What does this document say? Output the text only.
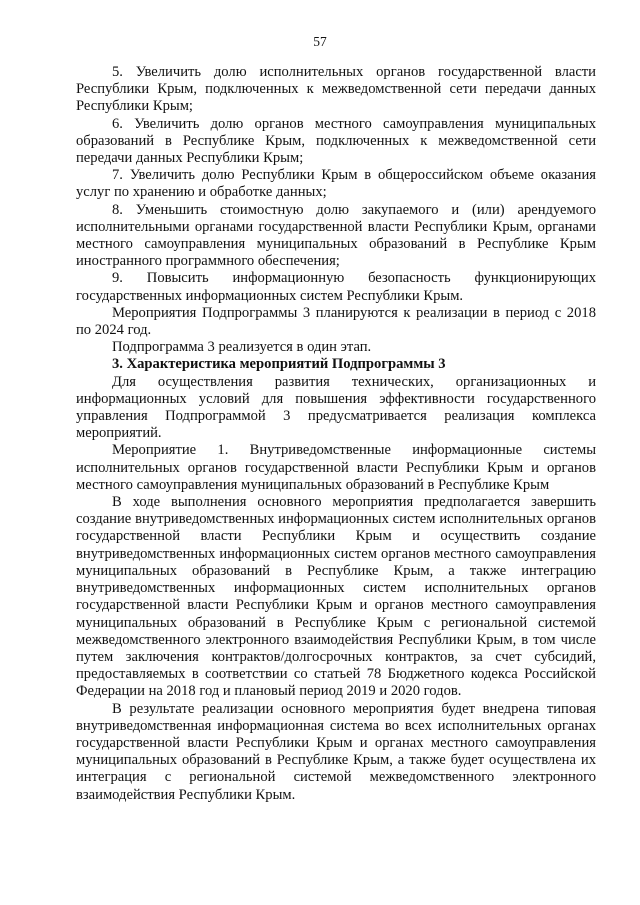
57

5. Увеличить долю исполнительных органов государственной власти Республики Крым, подключенных к межведомственной сети передачи данных Республики Крым;

6. Увеличить долю органов местного самоуправления муниципальных образований в Республике Крым, подключенных к межведомственной сети передачи данных Республики Крым;

7. Увеличить долю Республики Крым в общероссийском объеме оказания услуг по хранению и обработке данных;

8. Уменьшить стоимостную долю закупаемого и (или) арендуемого исполнительными органами государственной власти Республики Крым, органами местного самоуправления муниципальных образований в Республике Крым иностранного программного обеспечения;

9. Повысить информационную безопасность функционирующих государственных информационных систем Республики Крым.

Мероприятия Подпрограммы 3 планируются к реализации в период с 2018 по 2024 год.

Подпрограмма 3 реализуется в один этап.

3. Характеристика мероприятий Подпрограммы 3

Для осуществления развития технических, организационных и информационных условий для повышения эффективности государственного управления Подпрограммой 3 предусматривается реализация комплекса мероприятий.

Мероприятие 1. Внутриведомственные информационные системы исполнительных органов государственной власти Республики Крым и органов местного самоуправления муниципальных образований в Республике Крым

В ходе выполнения основного мероприятия предполагается завершить создание внутриведомственных информационных систем исполнительных органов государственной власти Республики Крым и осуществить создание внутриведомственных информационных систем органов местного самоуправления муниципальных образований в Республике Крым, а также интеграцию внутриведомственных информационных систем исполнительных органов государственной власти Республики Крым и органов местного самоуправления муниципальных образований в Республике Крым с региональной системой межведомственного электронного взаимодействия Республики Крым, в том числе путем заключения контрактов/долгосрочных контрактов, за счет субсидий, предоставляемых в соответствии со статьей 78 Бюджетного кодекса Российской Федерации на 2018 год и плановый период 2019 и 2020 годов.

В результате реализации основного мероприятия будет внедрена типовая внутриведомственная информационная система во всех исполнительных органах государственной власти Республики Крым и органах местного самоуправления муниципальных образований в Республике Крым, а также будет осуществлена их интеграция с региональной системой межведомственного электронного взаимодействия Республики Крым.
